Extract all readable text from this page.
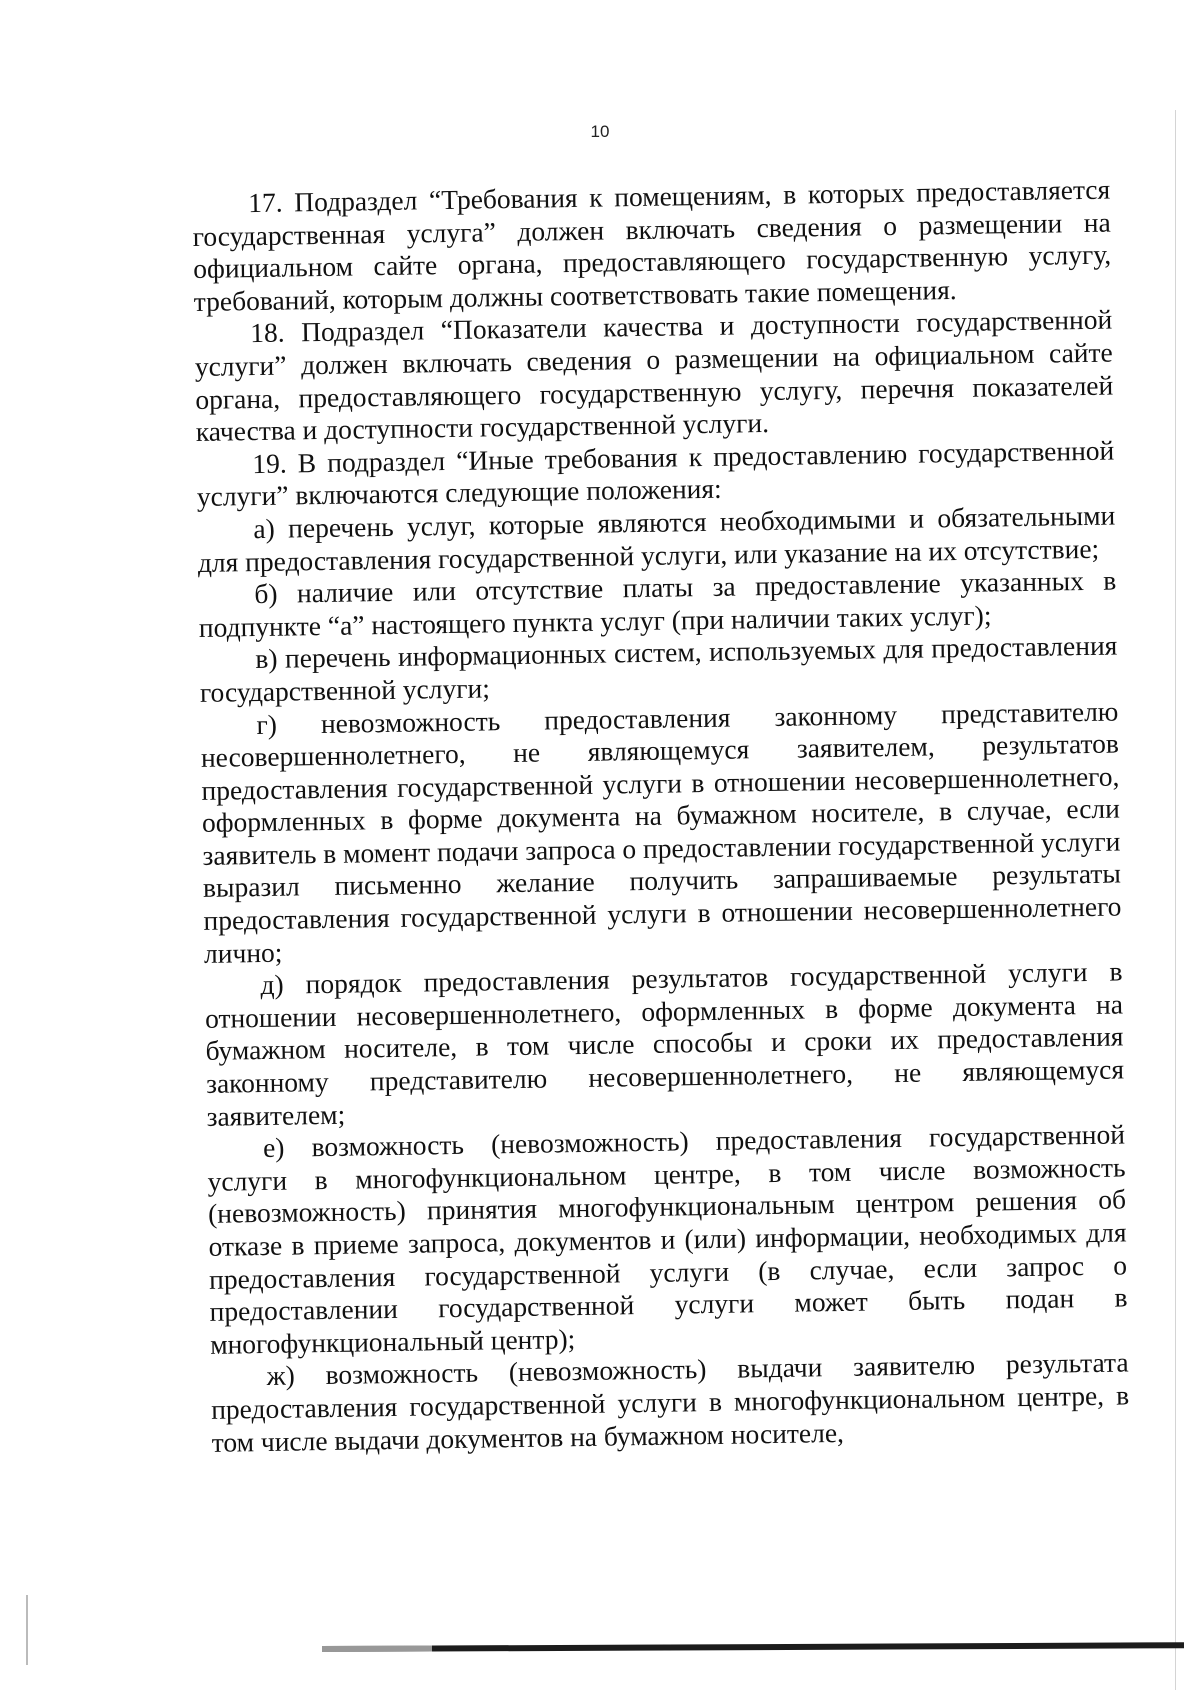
10

17. Подраздел “Требования к помещениям, в которых предоставляется государственная услуга” должен включать сведения о размещении на официальном сайте органа, предоставляющего государственную услугу, требований, которым должны соответствовать такие помещения.

18. Подраздел “Показатели качества и доступности государственной услуги” должен включать сведения о размещении на официальном сайте органа, предоставляющего государственную услугу, перечня показателей качества и доступности государственной услуги.

19. В подраздел “Иные требования к предоставлению государственной услуги” включаются следующие положения:

а) перечень услуг, которые являются необходимыми и обязательными для предоставления государственной услуги, или указание на их отсутствие;

б) наличие или отсутствие платы за предоставление указанных в подпункте “а” настоящего пункта услуг (при наличии таких услуг);

в) перечень информационных систем, используемых для предоставления государственной услуги;

г) невозможность предоставления законному представителю несовершеннолетнего, не являющемуся заявителем, результатов предоставления государственной услуги в отношении несовершеннолетнего, оформленных в форме документа на бумажном носителе, в случае, если заявитель в момент подачи запроса о предоставлении государственной услуги выразил письменно желание получить запрашиваемые результаты предоставления государственной услуги в отношении несовершеннолетнего лично;

д) порядок предоставления результатов государственной услуги в отношении несовершеннолетнего, оформленных в форме документа на бумажном носителе, в том числе способы и сроки их предоставления законному представителю несовершеннолетнего, не являющемуся заявителем;

е) возможность (невозможность) предоставления государственной услуги в многофункциональном центре, в том числе возможность (невозможность) принятия многофункциональным центром решения об отказе в приеме запроса, документов и (или) информации, необходимых для предоставления государственной услуги (в случае, если запрос о предоставлении государственной услуги может быть подан в многофункциональный центр);

ж) возможность (невозможность) выдачи заявителю результата предоставления государственной услуги в многофункциональном центре, в том числе выдачи документов на бумажном носителе,
